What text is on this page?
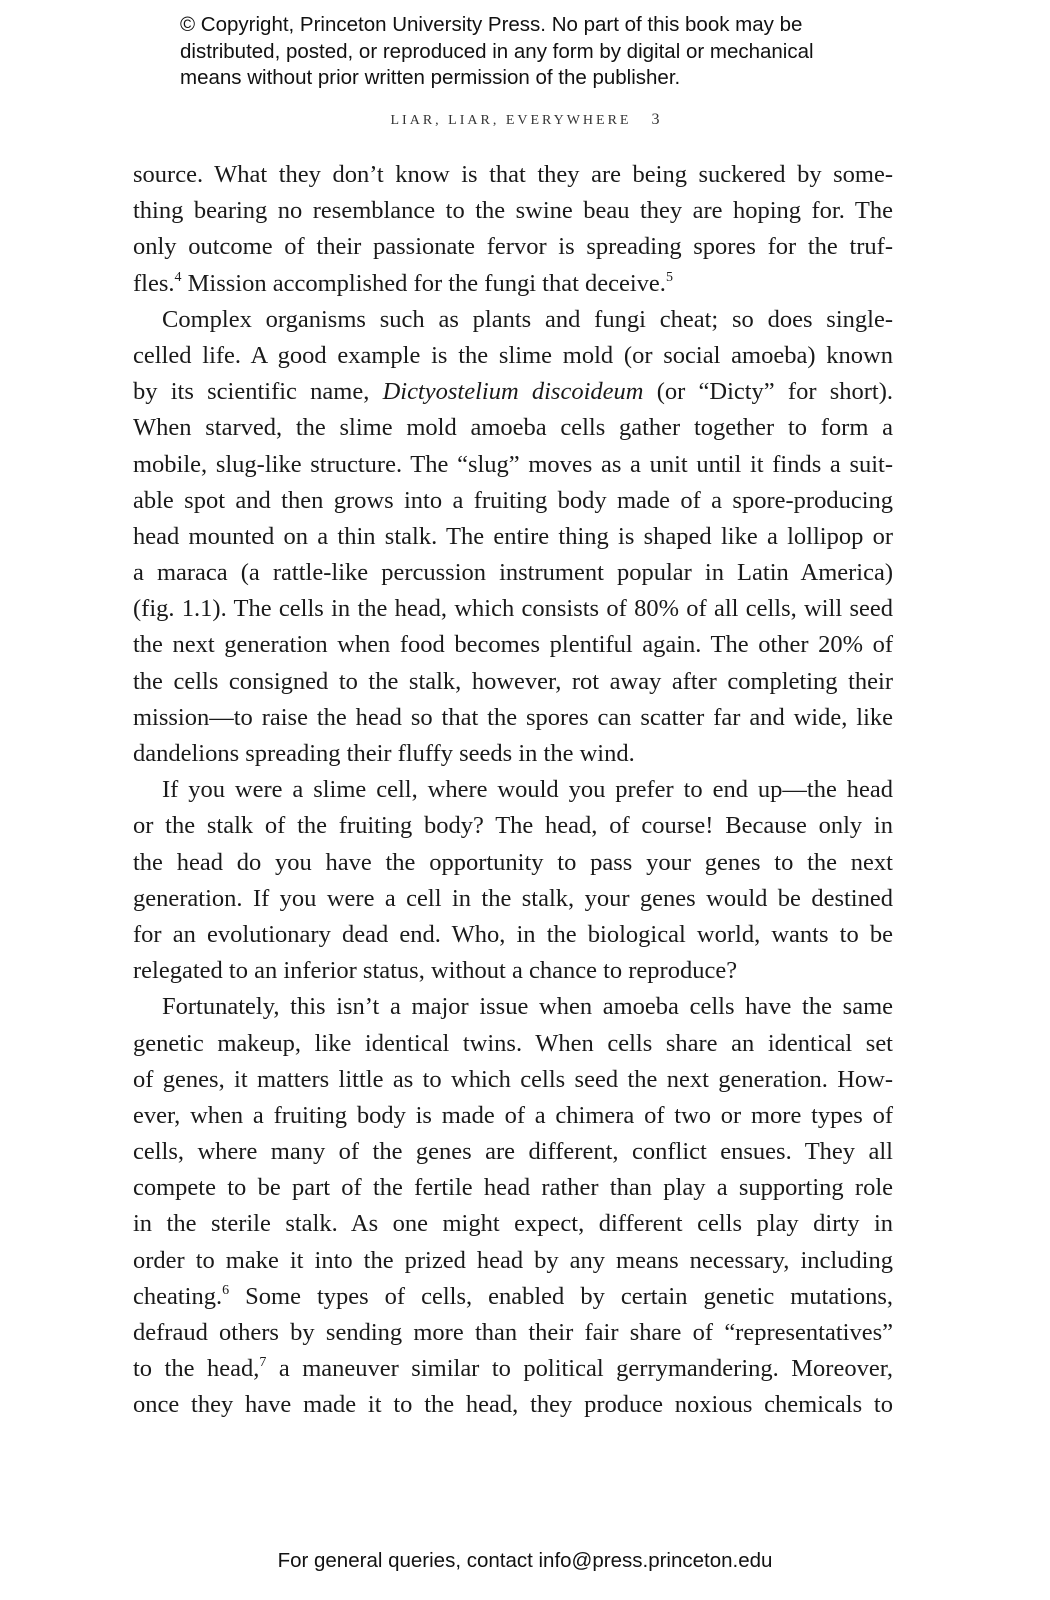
© Copyright, Princeton University Press. No part of this book may be
distributed, posted, or reproduced in any form by digital or mechanical
means without prior written permission of the publisher.
LIAR, LIAR, EVERYWHERE 3
source. What they don’t know is that they are being suckered by some-
thing bearing no resemblance to the swine beau they are hoping for. The
only outcome of their passionate fervor is spreading spores for the truf-
fles.$^4$ Mission accomplished for the fungi that deceive.$^5$
Complex organisms such as plants and fungi cheat; so does single-
celled life. A good example is the slime mold (or social amoeba) known
by its scientific name, Dictyostelium discoideum (or “Dicty” for short).
When starved, the slime mold amoeba cells gather together to form a
mobile, slug-like structure. The “slug” moves as a unit until it finds a suit-
able spot and then grows into a fruiting body made of a spore-producing
head mounted on a thin stalk. The entire thing is shaped like a lollipop or
a maraca (a rattle-like percussion instrument popular in Latin America)
(fig. 1.1). The cells in the head, which consists of 80% of all cells, will seed
the next generation when food becomes plentiful again. The other 20% of
the cells consigned to the stalk, however, rot away after completing their
mission—to raise the head so that the spores can scatter far and wide, like
dandelions spreading their fluffy seeds in the wind.
If you were a slime cell, where would you prefer to end up—the head
or the stalk of the fruiting body? The head, of course! Because only in
the head do you have the opportunity to pass your genes to the next
generation. If you were a cell in the stalk, your genes would be destined
for an evolutionary dead end. Who, in the biological world, wants to be
relegated to an inferior status, without a chance to reproduce?
Fortunately, this isn’t a major issue when amoeba cells have the same
genetic makeup, like identical twins. When cells share an identical set
of genes, it matters little as to which cells seed the next generation. How-
ever, when a fruiting body is made of a chimera of two or more types of
cells, where many of the genes are different, conflict ensues. They all
compete to be part of the fertile head rather than play a supporting role
in the sterile stalk. As one might expect, different cells play dirty in
order to make it into the prized head by any means necessary, including
cheating.$^6$ Some types of cells, enabled by certain genetic mutations,
defraud others by sending more than their fair share of “representatives”
to the head,$^7$ a maneuver similar to political gerrymandering. Moreover,
once they have made it to the head, they produce noxious chemicals to
For general queries, contact info@press.princeton.edu
